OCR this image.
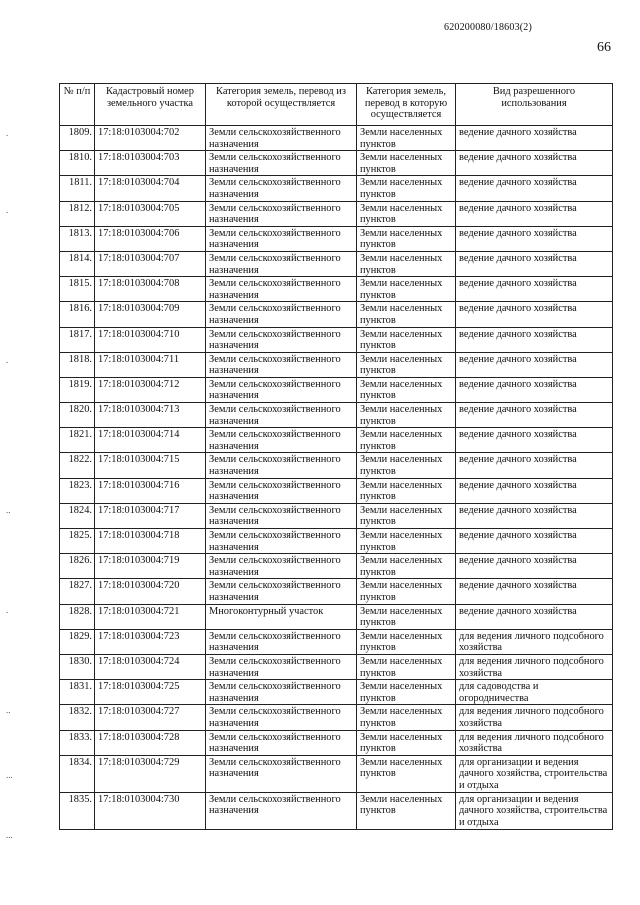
620200080/18603(2)
66
.
.
.
..
.
..
...
...
№ п/п	Кадастровый номер земельного участка	Категория земель, перевод из которой осуществляется	Категория земель, перевод в которую осуществляется	Вид разрешенного использования
1809.	17:18:0103004:702	Земли сельскохозяйственного назначения	Земли населенных пунктов	ведение дачного хозяйства
1810.	17:18:0103004:703	Земли сельскохозяйственного назначения	Земли населенных пунктов	ведение дачного хозяйства
1811.	17:18:0103004:704	Земли сельскохозяйственного назначения	Земли населенных пунктов	ведение дачного хозяйства
1812.	17:18:0103004:705	Земли сельскохозяйственного назначения	Земли населенных пунктов	ведение дачного хозяйства
1813.	17:18:0103004:706	Земли сельскохозяйственного назначения	Земли населенных пунктов	ведение дачного хозяйства
1814.	17:18:0103004:707	Земли сельскохозяйственного назначения	Земли населенных пунктов	ведение дачного хозяйства
1815.	17:18:0103004:708	Земли сельскохозяйственного назначения	Земли населенных пунктов	ведение дачного хозяйства
1816.	17:18:0103004:709	Земли сельскохозяйственного назначения	Земли населенных пунктов	ведение дачного хозяйства
1817.	17:18:0103004:710	Земли сельскохозяйственного назначения	Земли населенных пунктов	ведение дачного хозяйства
1818.	17:18:0103004:711	Земли сельскохозяйственного назначения	Земли населенных пунктов	ведение дачного хозяйства
1819.	17:18:0103004:712	Земли сельскохозяйственного назначения	Земли населенных пунктов	ведение дачного хозяйства
1820.	17:18:0103004:713	Земли сельскохозяйственного назначения	Земли населенных пунктов	ведение дачного хозяйства
1821.	17:18:0103004:714	Земли сельскохозяйственного назначения	Земли населенных пунктов	ведение дачного хозяйства
1822.	17:18:0103004:715	Земли сельскохозяйственного назначения	Земли населенных пунктов	ведение дачного хозяйства
1823.	17:18:0103004:716	Земли сельскохозяйственного назначения	Земли населенных пунктов	ведение дачного хозяйства
1824.	17:18:0103004:717	Земли сельскохозяйственного назначения	Земли населенных пунктов	ведение дачного хозяйства
1825.	17:18:0103004:718	Земли сельскохозяйственного назначения	Земли населенных пунктов	ведение дачного хозяйства
1826.	17:18:0103004:719	Земли сельскохозяйственного назначения	Земли населенных пунктов	ведение дачного хозяйства
1827.	17:18:0103004:720	Земли сельскохозяйственного назначения	Земли населенных пунктов	ведение дачного хозяйства
1828.	17:18:0103004:721	Многоконтурный участок	Земли населенных пунктов	ведение дачного хозяйства
1829.	17:18:0103004:723	Земли сельскохозяйственного назначения	Земли населенных пунктов	для ведения личного подсобного хозяйства
1830.	17:18:0103004:724	Земли сельскохозяйственного назначения	Земли населенных пунктов	для ведения личного подсобного хозяйства
1831.	17:18:0103004:725	Земли сельскохозяйственного назначения	Земли населенных пунктов	для садоводства и огородничества
1832.	17:18:0103004:727	Земли сельскохозяйственного назначения	Земли населенных пунктов	для ведения личного подсобного хозяйства
1833.	17:18:0103004:728	Земли сельскохозяйственного назначения	Земли населенных пунктов	для ведения личного подсобного хозяйства
1834.	17:18:0103004:729	Земли сельскохозяйственного назначения	Земли населенных пунктов	для организации и ведения дачного хозяйства, строительства и отдыха
1835.	17:18:0103004:730	Земли сельскохозяйственного назначения	Земли населенных пунктов	для организации и ведения дачного хозяйства, строительства и отдыха
